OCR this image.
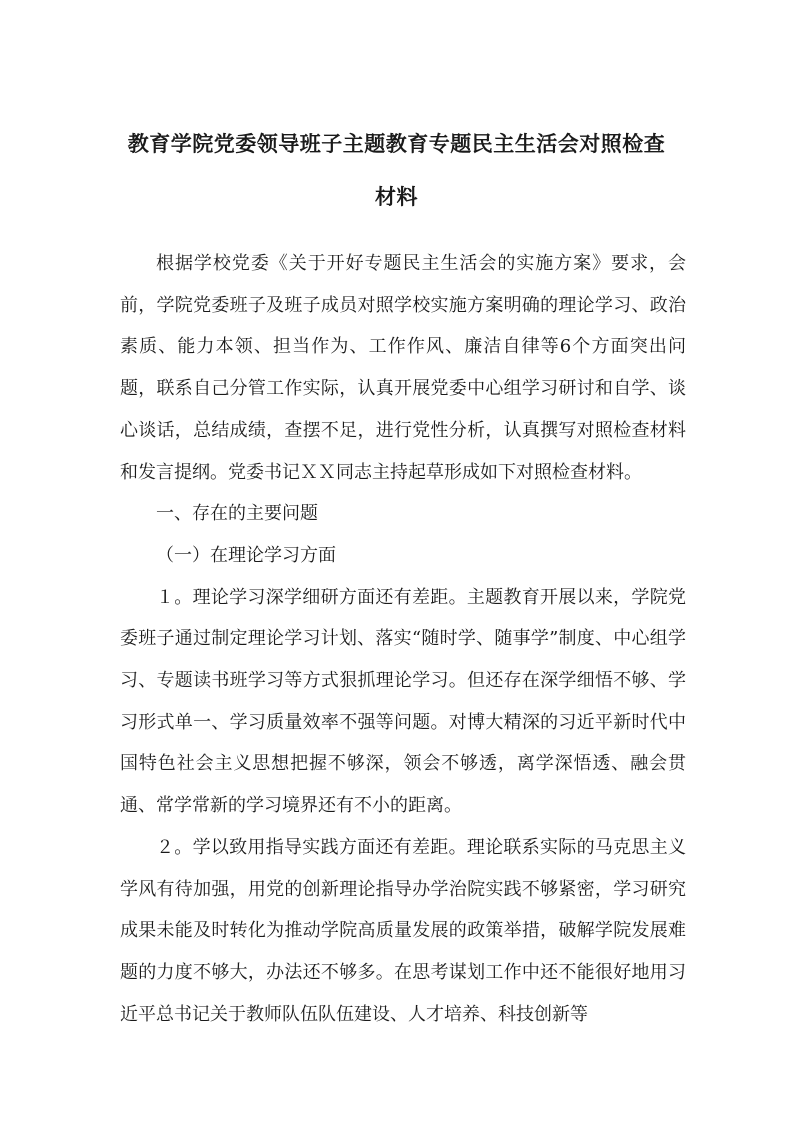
教育学院党委领导班子主题教育专题民主生活会对照检查
材料

根据学校党委《关于开好专题民主生活会的实施方案》要求，会前，学院党委班子及班子成员对照学校实施方案明确的理论学习、政治素质、能力本领、担当作为、工作作风、廉洁自律等6个方面突出问题，联系自己分管工作实际，认真开展党委中心组学习研讨和自学、谈心谈话，总结成绩，查摆不足，进行党性分析，认真撰写对照检查材料和发言提纲。党委书记ＸＸ同志主持起草形成如下对照检查材料。

一、存在的主要问题

（一）在理论学习方面

１。理论学习深学细研方面还有差距。主题教育开展以来，学院党委班子通过制定理论学习计划、落实“随时学、随事学”制度、中心组学习、专题读书班学习等方式狠抓理论学习。但还存在深学细悟不够、学习形式单一、学习质量效率不强等问题。对博大精深的习近平新时代中国特色社会主义思想把握不够深，领会不够透，离学深悟透、融会贯通、常学常新的学习境界还有不小的距离。

２。学以致用指导实践方面还有差距。理论联系实际的马克思主义学风有待加强，用党的创新理论指导办学治院实践不够紧密，学习研究成果未能及时转化为推动学院高质量发展的政策举措，破解学院发展难题的力度不够大，办法还不够多。在思考谋划工作中还不能很好地用习近平总书记关于教师队伍队伍建设、人才培养、科技创新等
